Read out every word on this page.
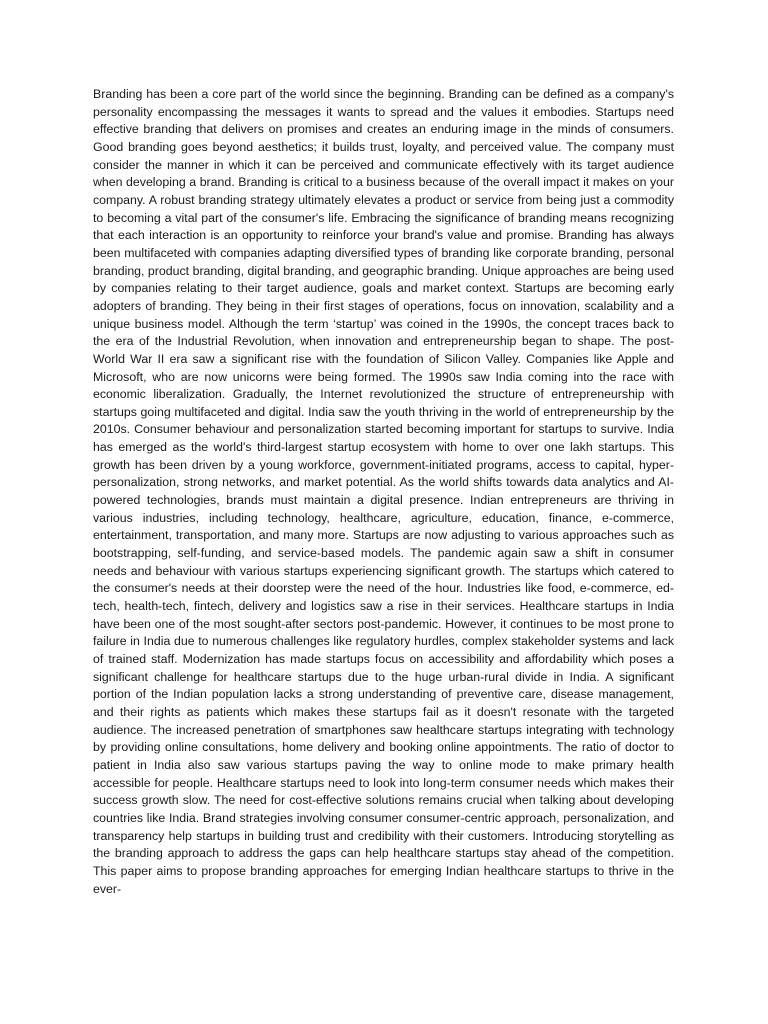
Branding has been a core part of the world since the beginning. Branding can be defined as a company's personality encompassing the messages it wants to spread and the values it embodies. Startups need effective branding that delivers on promises and creates an enduring image in the minds of consumers. Good branding goes beyond aesthetics; it builds trust, loyalty, and perceived value. The company must consider the manner in which it can be perceived and communicate effectively with its target audience when developing a brand. Branding is critical to a business because of the overall impact it makes on your company. A robust branding strategy ultimately elevates a product or service from being just a commodity to becoming a vital part of the consumer's life. Embracing the significance of branding means recognizing that each interaction is an opportunity to reinforce your brand's value and promise. Branding has always been multifaceted with companies adapting diversified types of branding like corporate branding, personal branding, product branding, digital branding, and geographic branding. Unique approaches are being used by companies relating to their target audience, goals and market context. Startups are becoming early adopters of branding. They being in their first stages of operations, focus on innovation, scalability and a unique business model. Although the term ‘startup’ was coined in the 1990s, the concept traces back to the era of the Industrial Revolution, when innovation and entrepreneurship began to shape. The post-World War II era saw a significant rise with the foundation of Silicon Valley. Companies like Apple and Microsoft, who are now unicorns were being formed. The 1990s saw India coming into the race with economic liberalization. Gradually, the Internet revolutionized the structure of entrepreneurship with startups going multifaceted and digital. India saw the youth thriving in the world of entrepreneurship by the 2010s. Consumer behaviour and personalization started becoming important for startups to survive. India has emerged as the world's third-largest startup ecosystem with home to over one lakh startups. This growth has been driven by a young workforce, government-initiated programs, access to capital, hyper-personalization, strong networks, and market potential. As the world shifts towards data analytics and AI-powered technologies, brands must maintain a digital presence. Indian entrepreneurs are thriving in various industries, including technology, healthcare, agriculture, education, finance, e-commerce, entertainment, transportation, and many more. Startups are now adjusting to various approaches such as bootstrapping, self-funding, and service-based models. The pandemic again saw a shift in consumer needs and behaviour with various startups experiencing significant growth. The startups which catered to the consumer's needs at their doorstep were the need of the hour. Industries like food, e-commerce, ed-tech, health-tech, fintech, delivery and logistics saw a rise in their services. Healthcare startups in India have been one of the most sought-after sectors post-pandemic. However, it continues to be most prone to failure in India due to numerous challenges like regulatory hurdles, complex stakeholder systems and lack of trained staff. Modernization has made startups focus on accessibility and affordability which poses a significant challenge for healthcare startups due to the huge urban-rural divide in India. A significant portion of the Indian population lacks a strong understanding of preventive care, disease management, and their rights as patients which makes these startups fail as it doesn't resonate with the targeted audience. The increased penetration of smartphones saw healthcare startups integrating with technology by providing online consultations, home delivery and booking online appointments. The ratio of doctor to patient in India also saw various startups paving the way to online mode to make primary health accessible for people. Healthcare startups need to look into long-term consumer needs which makes their success growth slow. The need for cost-effective solutions remains crucial when talking about developing countries like India. Brand strategies involving consumer consumer-centric approach, personalization, and transparency help startups in building trust and credibility with their customers. Introducing storytelling as the branding approach to address the gaps can help healthcare startups stay ahead of the competition. This paper aims to propose branding approaches for emerging Indian healthcare startups to thrive in the ever-
